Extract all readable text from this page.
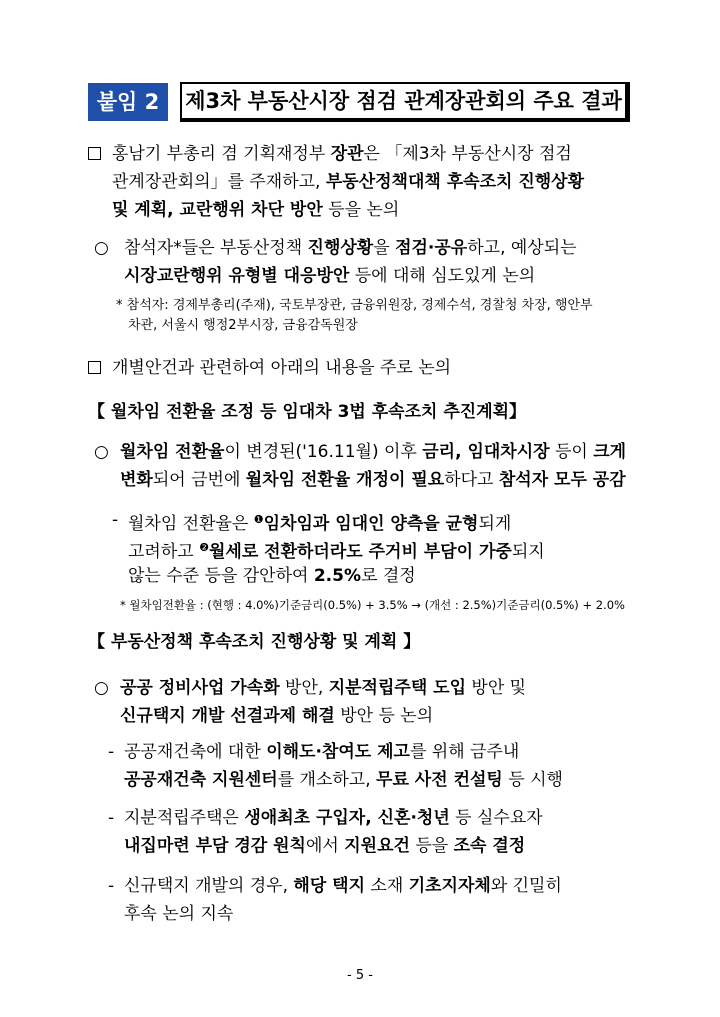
붙임 2	제3차 부동산시장 점검 관계장관회의 주요 결과
홍남기 부총리 겸 기획재정부 장관은 「제3차 부동산시장 점검
관계장관회의」를 주재하고, 부동산정책대책 후속조치 진행상황
및 계획, 교란행위 차단 방안 등을 논의
○ 참석자*들은 부동산정책 진행상황을 점검·공유하고, 예상되는
시장교란행위 유형별 대응방안 등에 대해 심도있게 논의
* 참석자: 경제부총리(주재), 국토부장관, 금융위원장, 경제수석, 경찰청 차장, 행안부
차관, 서울시 행정2부시장, 금융감독원장
개별안건과 관련하여 아래의 내용을 주로 논의
【 월차임 전환율 조정 등 임대차 3법 후속조치 추진계획】
○ 월차임 전환율이 변경된('16.11월) 이후 금리, 임대차시장 등이 크게
변화되어 금번에 월차임 전환율 개정이 필요하다고 참석자 모두 공감
- 월차임 전환율은 $^❶$임차임과 임대인 양측을 균형되게
고려하고 $^❷$월세로 전환하더라도 주거비 부담이 가중되지
않는 수준 등을 감안하여 2.5%로 결정
* 월차임전환율 : (현행 : 4.0%)기준금리(0.5%) + 3.5% → (개선 : 2.5%)기준금리(0.5%) + 2.0%
【 부동산정책 후속조치 진행상황 및 계획 】
○ 공공 정비사업 가속화 방안, 지분적립주택 도입 방안 및
신규택지 개발 선결과제 해결 방안 등 논의
- 공공재건축에 대한 이해도·참여도 제고를 위해 금주내
공공재건축 지원센터를 개소하고, 무료 사전 컨설팅 등 시행
- 지분적립주택은 생애최초 구입자, 신혼·청년 등 실수요자
내집마련 부담 경감 원칙에서 지원요건 등을 조속 결정
- 신규택지 개발의 경우, 해당 택지 소재 기초지자체와 긴밀히
후속 논의 지속
- 5 -
